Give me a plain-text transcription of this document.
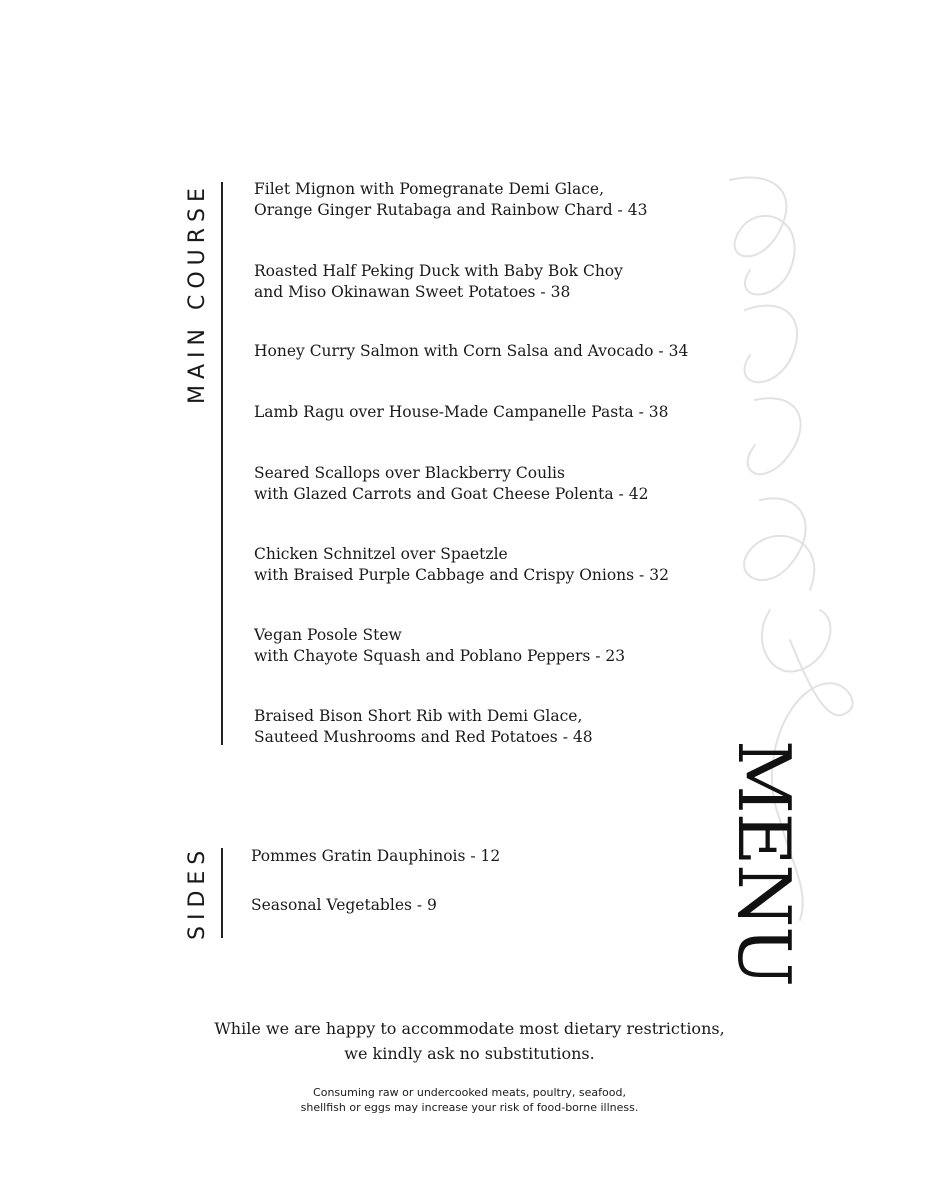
MAIN COURSE	Filet Mignon with Pomegranate Demi Glace,
Orange Ginger Rutabaga and Rainbow Chard - 43
Roasted Half Peking Duck with Baby Bok Choy
and Miso Okinawan Sweet Potatoes - 38
Honey Curry Salmon with Corn Salsa and Avocado - 34
Lamb Ragu over House-Made Campanelle Pasta - 38
Seared Scallops over Blackberry Coulis
with Glazed Carrots and Goat Cheese Polenta - 42
Chicken Schnitzel over Spaetzle
with Braised Purple Cabbage and Crispy Onions - 32
Vegan Posole Stew
with Chayote Squash and Poblano Peppers - 23
Braised Bison Short Rib with Demi Glace,
Sauteed Mushrooms and Red Potatoes - 48
SIDES	Pommes Gratin Dauphinois - 12
Seasonal Vegetables - 9	MENU
While we are happy to accommodate most dietary restrictions,
we kindly ask no substitutions.
Consuming raw or undercooked meats, poultry, seafood,
shellfish or eggs may increase your risk of food-borne illness.
